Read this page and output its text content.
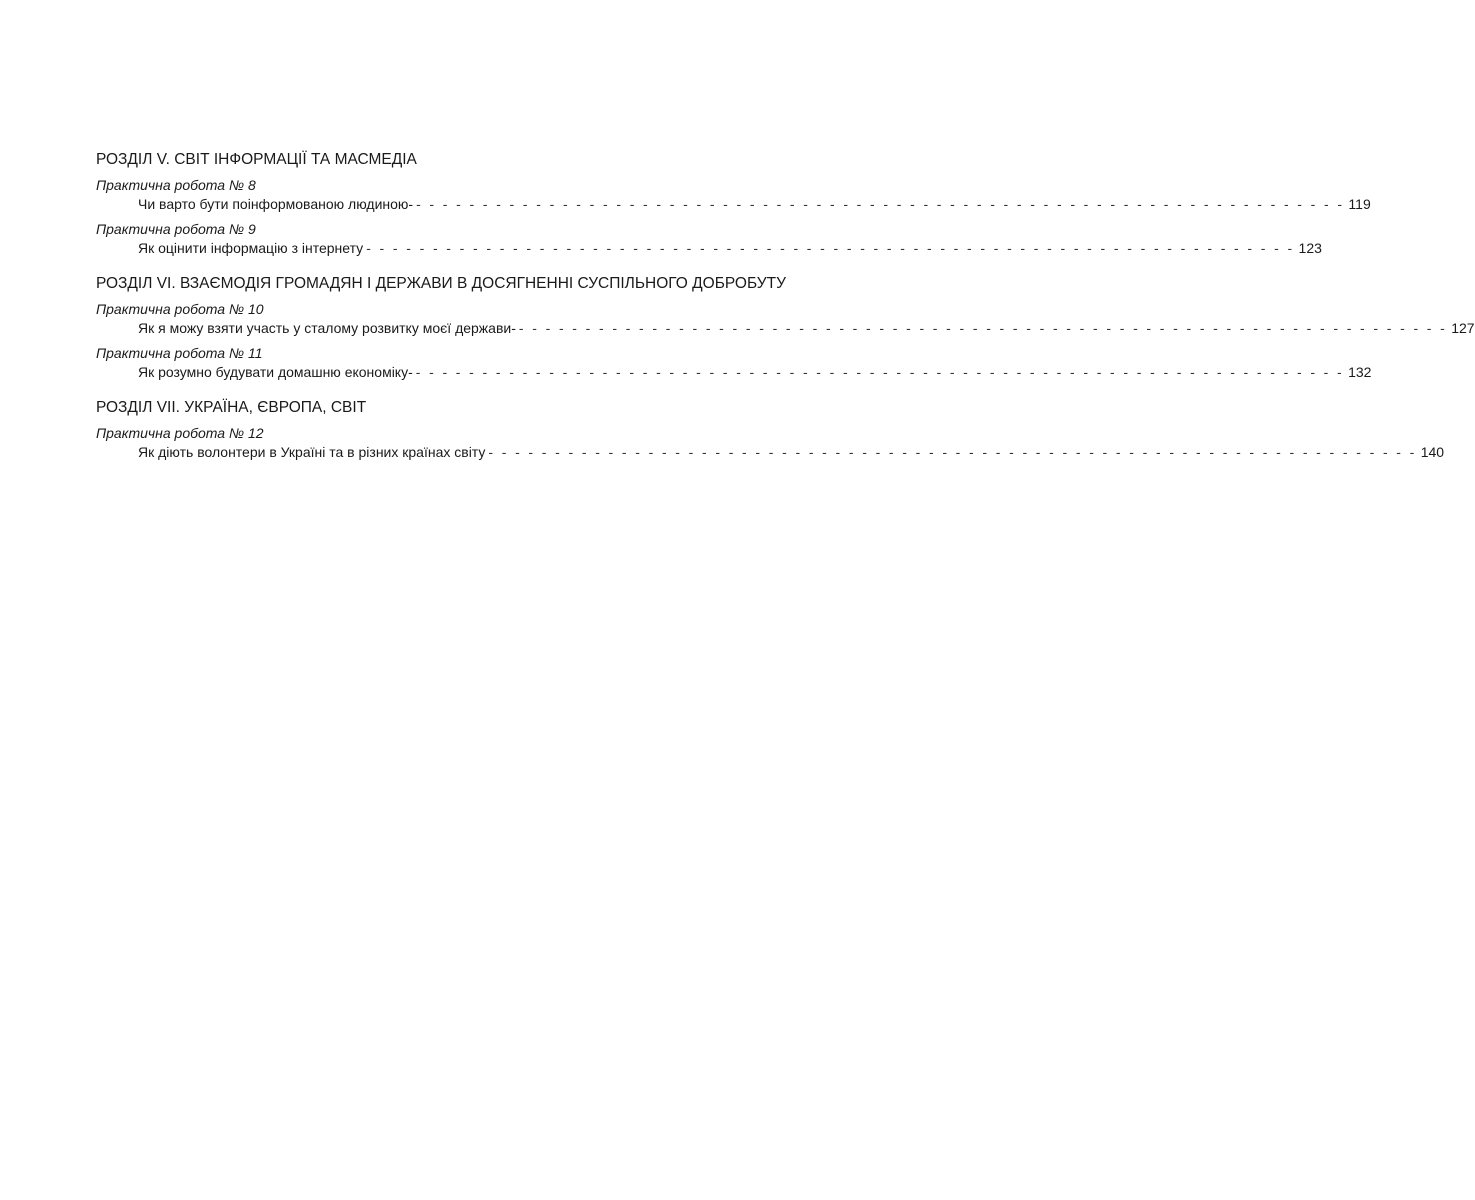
РОЗДІЛ V. СВІТ ІНФОРМАЦІЇ ТА МАСМЕДІА
Практична робота № 8
Чи варто бути поінформованою людиною- - - - - - - - - - - - - - - - - - - - - - - - - - - - - - - - - - - - - - - - - - - - - - - - - - - - - - - - - - - - - - - - - - - - - - - 119
Практична робота № 9
Як оцінити інформацію з інтернету - - - - - - - - - - - - - - - - - - - - - - - - - - - - - - - - - - - - - - - - - - - - - - - - - - - - - - - - - - - - - - - - - - - - - - 123
РОЗДІЛ VI. ВЗАЄМОДІЯ ГРОМАДЯН І ДЕРЖАВИ В ДОСЯГНЕННІ СУСПІЛЬНОГО ДОБРОБУТУ
Практична робота № 10
Як я можу взяти участь у сталому розвитку моєї держави- - - - - - - - - - - - - - - - - - - - - - - - - - - - - - - - - - - - - - - - - - - - - - - - - - - - - - - - - - - - - - - - - - - - - - - 127
Практична робота № 11
Як розумно будувати домашню економіку- - - - - - - - - - - - - - - - - - - - - - - - - - - - - - - - - - - - - - - - - - - - - - - - - - - - - - - - - - - - - - - - - - - - - - - 132
РОЗДІЛ VII. УКРАЇНА, ЄВРОПА, СВІТ
Практична робота № 12
Як діють волонтери в Україні та в різних країнах світу - - - - - - - - - - - - - - - - - - - - - - - - - - - - - - - - - - - - - - - - - - - - - - - - - - - - - - - - - - - - - - - - - - - - - - 140
